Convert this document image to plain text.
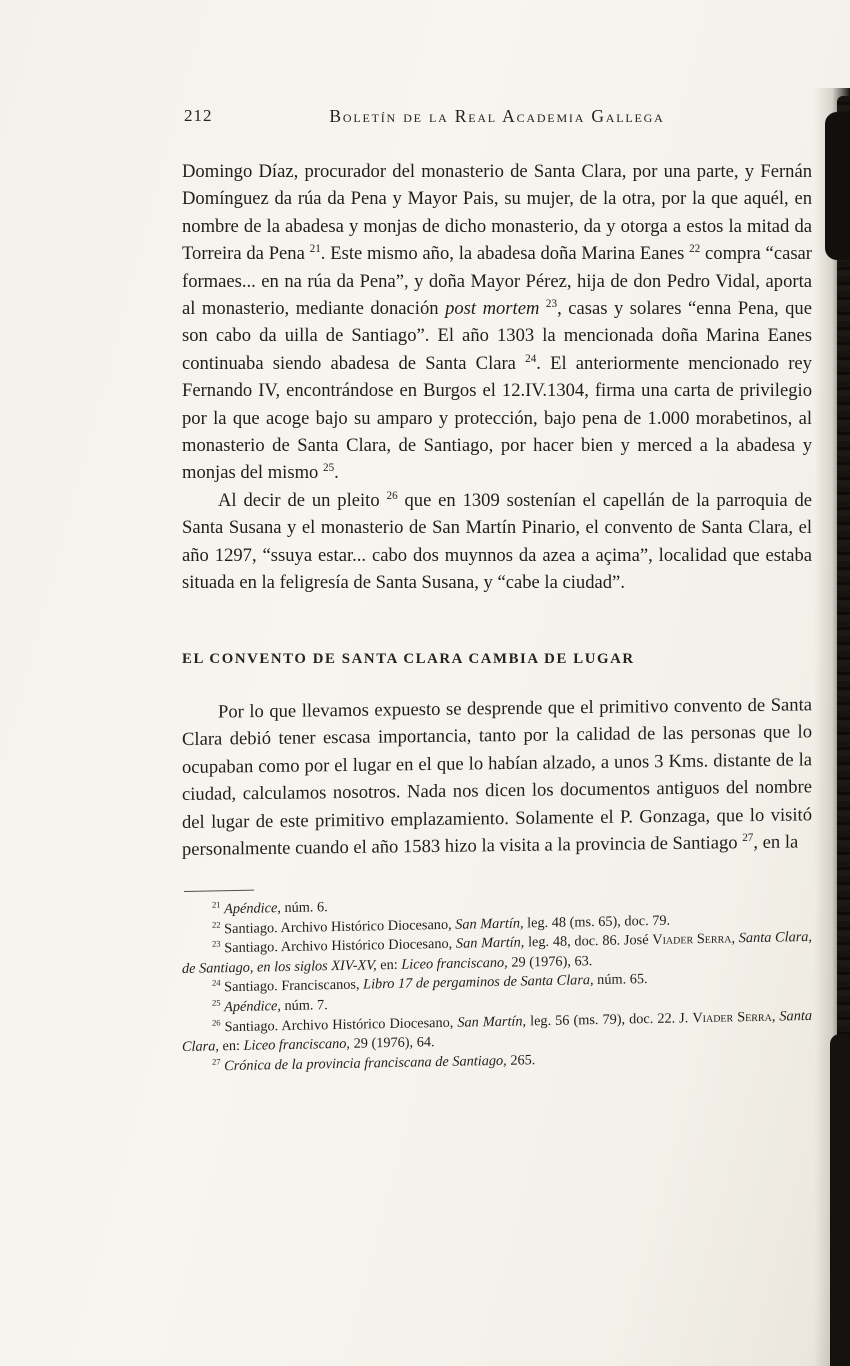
212	Boletín de la Real Academia Gallega

Domingo Díaz, procurador del monasterio de Santa Clara, por una parte, y Fernán Domínguez da rúa da Pena y Mayor Pais, su mujer, de la otra, por la que aquél, en nombre de la abadesa y monjas de dicho monasterio, da y otorga a estos la mitad da Torreira da Pena $^{21}$. Este mismo año, la abadesa doña Marina Eanes $^{22}$ compra “casar formaes... en na rúa da Pena”, y doña Mayor Pérez, hija de don Pedro Vidal, aporta al monasterio, mediante donación post mortem $^{23}$, casas y solares “enna Pena, que son cabo da uilla de Santiago”. El año 1303 la mencionada doña Marina Eanes continuaba siendo abadesa de Santa Clara $^{24}$. El anteriormente mencionado rey Fernando IV, encontrándose en Burgos el 12.IV.1304, firma una carta de privilegio por la que acoge bajo su amparo y protección, bajo pena de 1.000 morabetinos, al monasterio de Santa Clara, de Santiago, por hacer bien y merced a la abadesa y monjas del mismo $^{25}$.

Al decir de un pleito $^{26}$ que en 1309 sostenían el capellán de la parroquia de Santa Susana y el monasterio de San Martín Pinario, el convento de Santa Clara, el año 1297, “ssuya estar... cabo dos muynnos da azea a açima”, localidad que estaba situada en la feligresía de Santa Susana, y “cabe la ciudad”.

EL CONVENTO DE SANTA CLARA CAMBIA DE LUGAR

Por lo que llevamos expuesto se desprende que el primitivo convento de Santa Clara debió tener escasa importancia, tanto por la calidad de las personas que lo ocupaban como por el lugar en el que lo habían alzado, a unos 3 Kms. distante de la ciudad, calculamos nosotros. Nada nos dicen los documentos antiguos del nombre del lugar de este primitivo emplazamiento. Solamente el P. Gonzaga, que lo visitó personalmente cuando el año 1583 hizo la visita a la provincia de Santiago $^{27}$, en la

$^{21}$ Apéndice, núm. 6.

$^{22}$ Santiago. Archivo Histórico Diocesano, San Martín, leg. 48 (ms. 65), doc. 79.

$^{23}$ Santiago. Archivo Histórico Diocesano, San Martín, leg. 48, doc. 86. José Viader Serra, Santa Clara, de Santiago, en los siglos XIV-XV, en: Liceo franciscano, 29 (1976), 63.

$^{24}$ Santiago. Franciscanos, Libro 17 de pergaminos de Santa Clara, núm. 65.

$^{25}$ Apéndice, núm. 7.

$^{26}$ Santiago. Archivo Histórico Diocesano, San Martín, leg. 56 (ms. 79), doc. 22. J. Viader Serra, Santa Clara, en: Liceo franciscano, 29 (1976), 64.

$^{27}$ Crónica de la provincia franciscana de Santiago, 265.
